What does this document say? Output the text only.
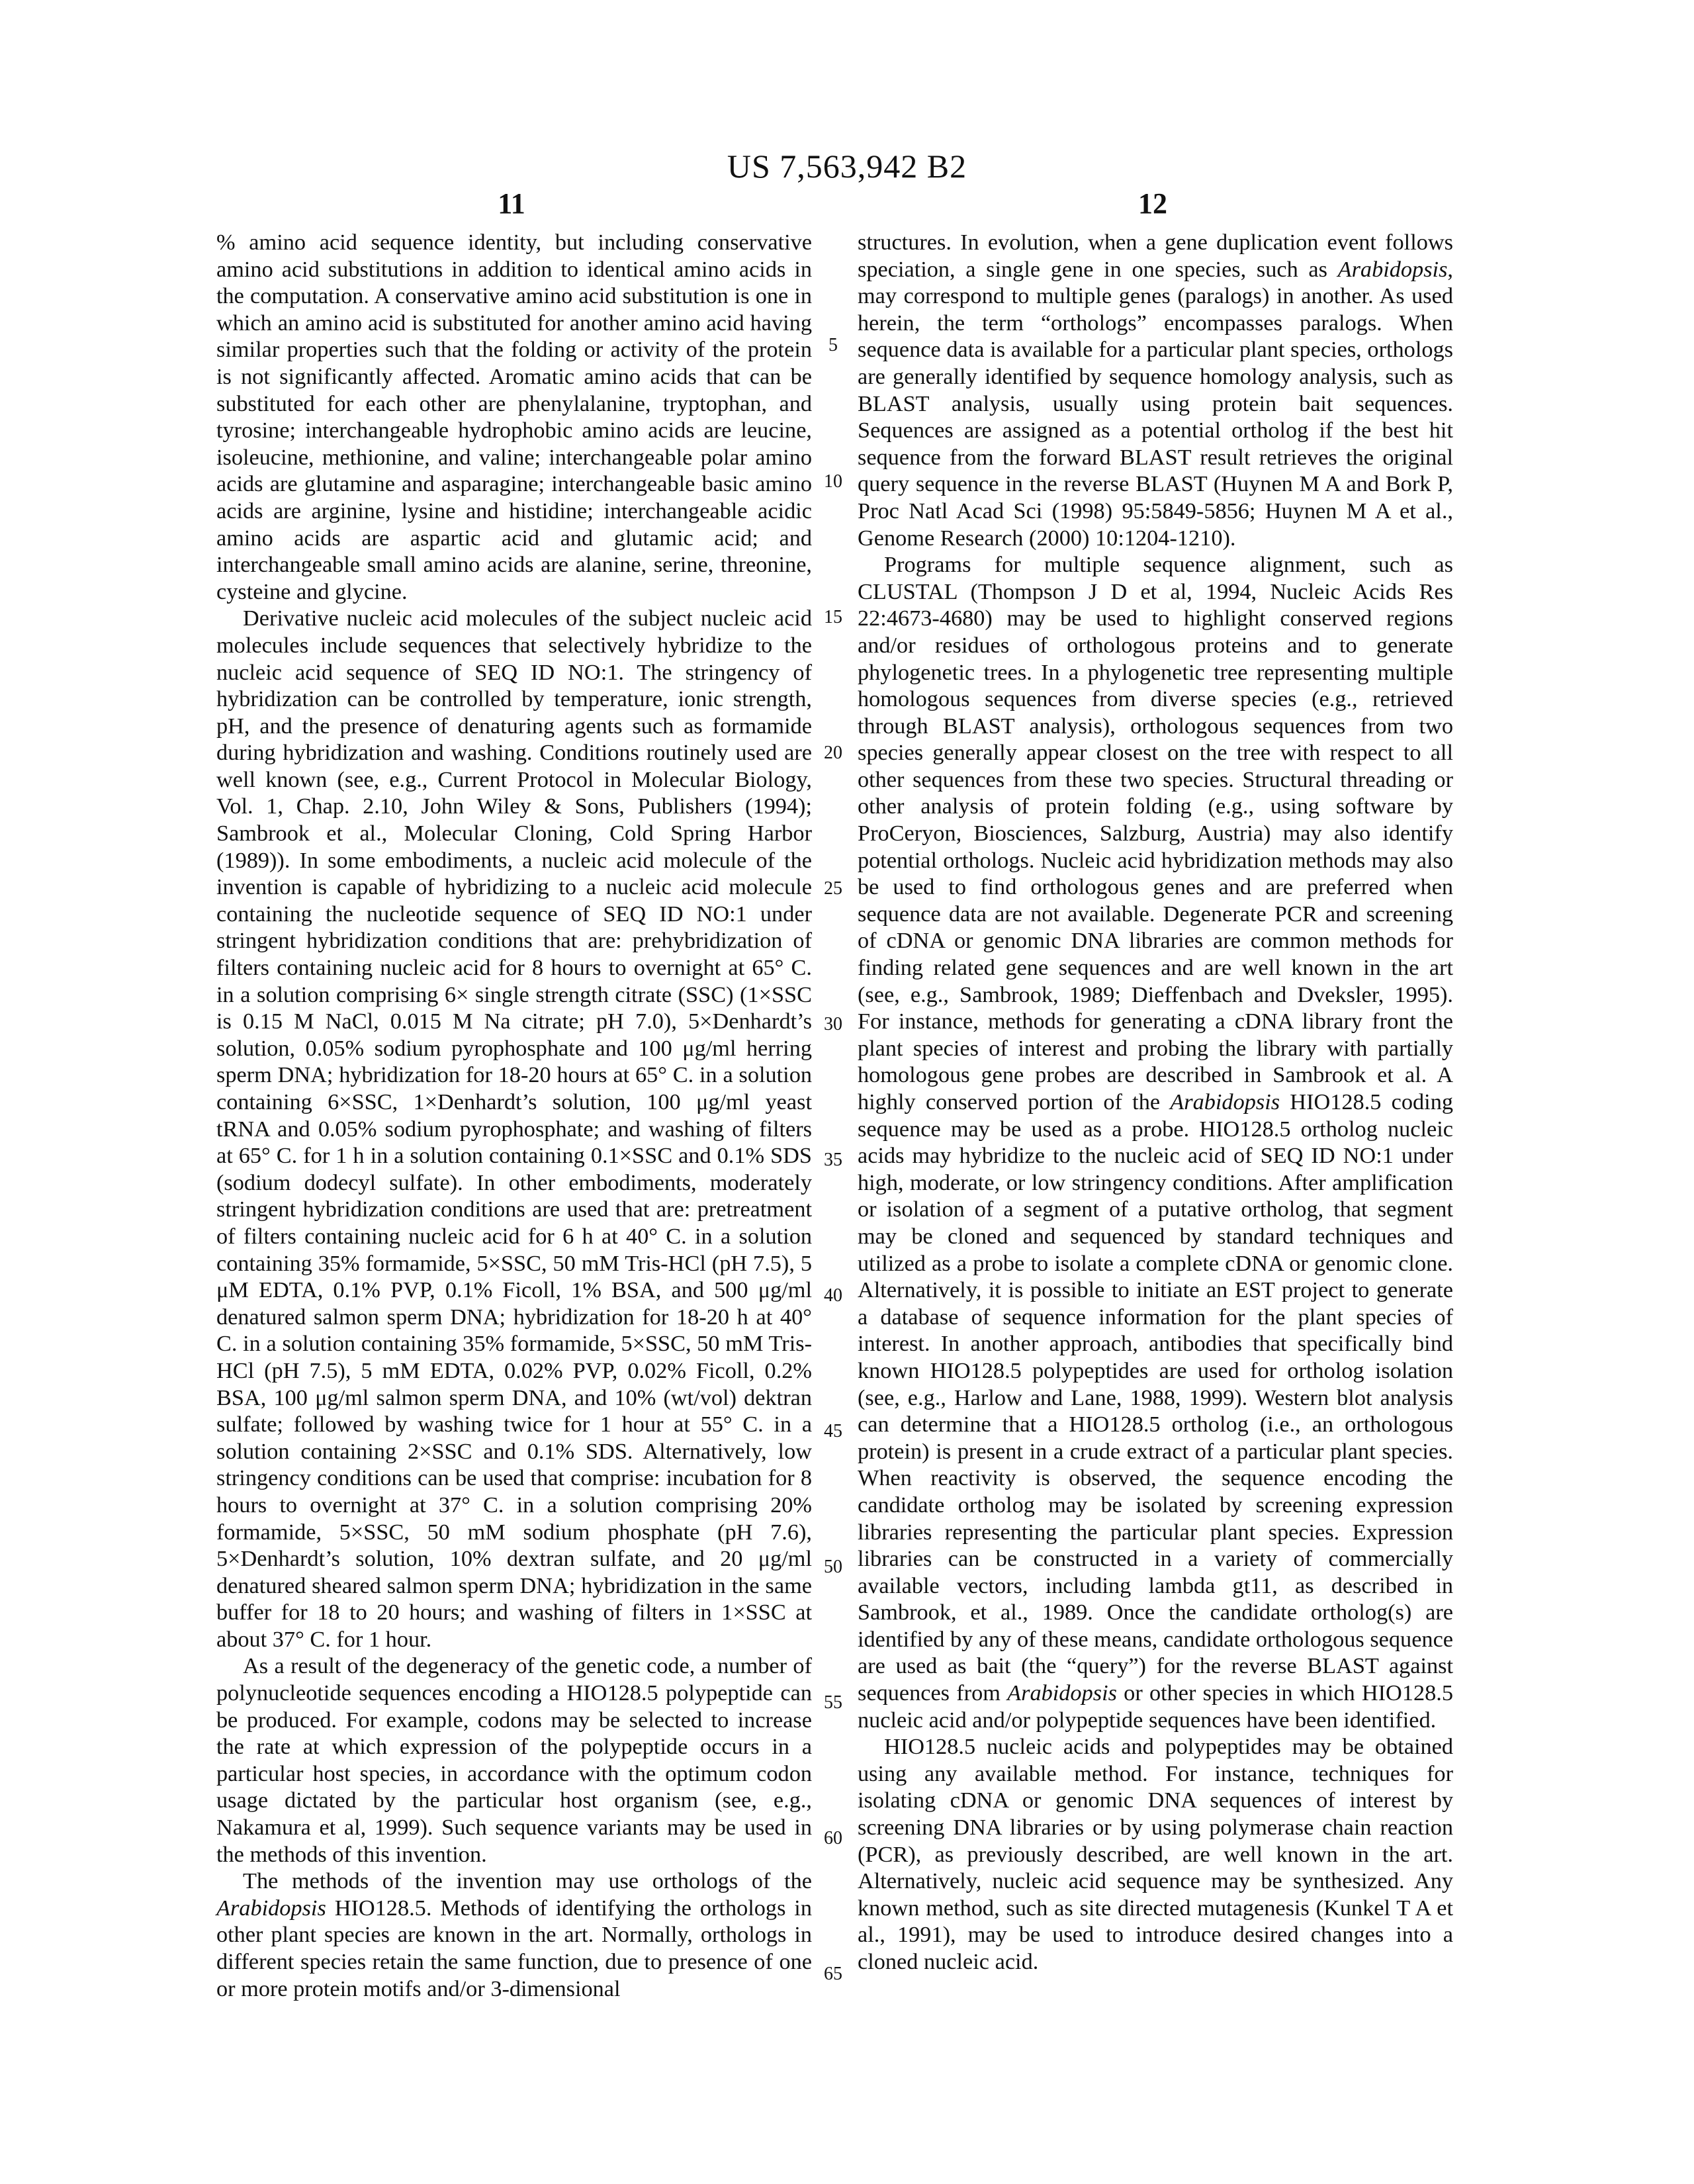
US 7,563,942 B2
11	12

% amino acid sequence identity, but including conservative amino acid substitutions in addition to identical amino acids in the computation. A conservative amino acid substitution is one in which an amino acid is substituted for another amino acid having similar properties such that the folding or activity of the protein is not significantly affected. Aromatic amino acids that can be substituted for each other are phenylalanine, tryptophan, and tyrosine; interchangeable hydrophobic amino acids are leucine, isoleucine, methionine, and valine; interchangeable polar amino acids are glutamine and asparagine; interchangeable basic amino acids are arginine, lysine and histidine; interchangeable acidic amino acids are aspartic acid and glutamic acid; and interchangeable small amino acids are alanine, serine, threonine, cysteine and glycine.

Derivative nucleic acid molecules of the subject nucleic acid molecules include sequences that selectively hybridize to the nucleic acid sequence of SEQ ID NO:1. The stringency of hybridization can be controlled by temperature, ionic strength, pH, and the presence of denaturing agents such as formamide during hybridization and washing. Conditions routinely used are well known (see, e.g., Current Protocol in Molecular Biology, Vol. 1, Chap. 2.10, John Wiley & Sons, Publishers (1994); Sambrook et al., Molecular Cloning, Cold Spring Harbor (1989)). In some embodiments, a nucleic acid molecule of the invention is capable of hybridizing to a nucleic acid molecule containing the nucleotide sequence of SEQ ID NO:1 under stringent hybridization conditions that are: prehybridization of filters containing nucleic acid for 8 hours to overnight at 65° C. in a solution comprising 6× single strength citrate (SSC) (1×SSC is 0.15 M NaCl, 0.015 M Na citrate; pH 7.0), 5×Denhardt’s solution, 0.05% sodium pyrophosphate and 100 μg/ml herring sperm DNA; hybridization for 18-20 hours at 65° C. in a solution containing 6×SSC, 1×Denhardt’s solution, 100 μg/ml yeast tRNA and 0.05% sodium pyrophosphate; and washing of filters at 65° C. for 1 h in a solution containing 0.1×SSC and 0.1% SDS (sodium dodecyl sulfate). In other embodiments, moderately stringent hybridization conditions are used that are: pretreatment of filters containing nucleic acid for 6 h at 40° C. in a solution containing 35% formamide, 5×SSC, 50 mM Tris-HCl (pH 7.5), 5 μM EDTA, 0.1% PVP, 0.1% Ficoll, 1% BSA, and 500 μg/ml denatured salmon sperm DNA; hybridization for 18-20 h at 40° C. in a solution containing 35% formamide, 5×SSC, 50 mM Tris-HCl (pH 7.5), 5 mM EDTA, 0.02% PVP, 0.02% Ficoll, 0.2% BSA, 100 μg/ml salmon sperm DNA, and 10% (wt/vol) dektran sulfate; followed by washing twice for 1 hour at 55° C. in a solution containing 2×SSC and 0.1% SDS. Alternatively, low stringency conditions can be used that comprise: incubation for 8 hours to overnight at 37° C. in a solution comprising 20% formamide, 5×SSC, 50 mM sodium phosphate (pH 7.6), 5×Denhardt’s solution, 10% dextran sulfate, and 20 μg/ml denatured sheared salmon sperm DNA; hybridization in the same buffer for 18 to 20 hours; and washing of filters in 1×SSC at about 37° C. for 1 hour.

As a result of the degeneracy of the genetic code, a number of polynucleotide sequences encoding a HIO128.5 polypeptide can be produced. For example, codons may be selected to increase the rate at which expression of the polypeptide occurs in a particular host species, in accordance with the optimum codon usage dictated by the particular host organism (see, e.g., Nakamura et al, 1999). Such sequence variants may be used in the methods of this invention.

The methods of the invention may use orthologs of the Arabidopsis HIO128.5. Methods of identifying the orthologs in other plant species are known in the art. Normally, orthologs in different species retain the same function, due to presence of one or more protein motifs and/or 3-dimensional

5
10
15
20
25
30
35
40
45
50
55
60
65

structures. In evolution, when a gene duplication event follows speciation, a single gene in one species, such as Arabidopsis, may correspond to multiple genes (paralogs) in another. As used herein, the term “orthologs” encompasses paralogs. When sequence data is available for a particular plant species, orthologs are generally identified by sequence homology analysis, such as BLAST analysis, usually using protein bait sequences. Sequences are assigned as a potential ortholog if the best hit sequence from the forward BLAST result retrieves the original query sequence in the reverse BLAST (Huynen M A and Bork P, Proc Natl Acad Sci (1998) 95:5849-5856; Huynen M A et al., Genome Research (2000) 10:1204-1210).

Programs for multiple sequence alignment, such as CLUSTAL (Thompson J D et al, 1994, Nucleic Acids Res 22:4673-4680) may be used to highlight conserved regions and/or residues of orthologous proteins and to generate phylogenetic trees. In a phylogenetic tree representing multiple homologous sequences from diverse species (e.g., retrieved through BLAST analysis), orthologous sequences from two species generally appear closest on the tree with respect to all other sequences from these two species. Structural threading or other analysis of protein folding (e.g., using software by ProCeryon, Biosciences, Salzburg, Austria) may also identify potential orthologs. Nucleic acid hybridization methods may also be used to find orthologous genes and are preferred when sequence data are not available. Degenerate PCR and screening of cDNA or genomic DNA libraries are common methods for finding related gene sequences and are well known in the art (see, e.g., Sambrook, 1989; Dieffenbach and Dveksler, 1995). For instance, methods for generating a cDNA library front the plant species of interest and probing the library with partially homologous gene probes are described in Sambrook et al. A highly conserved portion of the Arabidopsis HIO128.5 coding sequence may be used as a probe. HIO128.5 ortholog nucleic acids may hybridize to the nucleic acid of SEQ ID NO:1 under high, moderate, or low stringency conditions. After amplification or isolation of a segment of a putative ortholog, that segment may be cloned and sequenced by standard techniques and utilized as a probe to isolate a complete cDNA or genomic clone. Alternatively, it is possible to initiate an EST project to generate a database of sequence information for the plant species of interest. In another approach, antibodies that specifically bind known HIO128.5 polypeptides are used for ortholog isolation (see, e.g., Harlow and Lane, 1988, 1999). Western blot analysis can determine that a HIO128.5 ortholog (i.e., an orthologous protein) is present in a crude extract of a particular plant species. When reactivity is observed, the sequence encoding the candidate ortholog may be isolated by screening expression libraries representing the particular plant species. Expression libraries can be constructed in a variety of commercially available vectors, including lambda gt11, as described in Sambrook, et al., 1989. Once the candidate ortholog(s) are identified by any of these means, candidate orthologous sequence are used as bait (the “query”) for the reverse BLAST against sequences from Arabidopsis or other species in which HIO128.5 nucleic acid and/or polypeptide sequences have been identified.

HIO128.5 nucleic acids and polypeptides may be obtained using any available method. For instance, techniques for isolating cDNA or genomic DNA sequences of interest by screening DNA libraries or by using polymerase chain reaction (PCR), as previously described, are well known in the art. Alternatively, nucleic acid sequence may be synthesized. Any known method, such as site directed mutagenesis (Kunkel T A et al., 1991), may be used to introduce desired changes into a cloned nucleic acid.
